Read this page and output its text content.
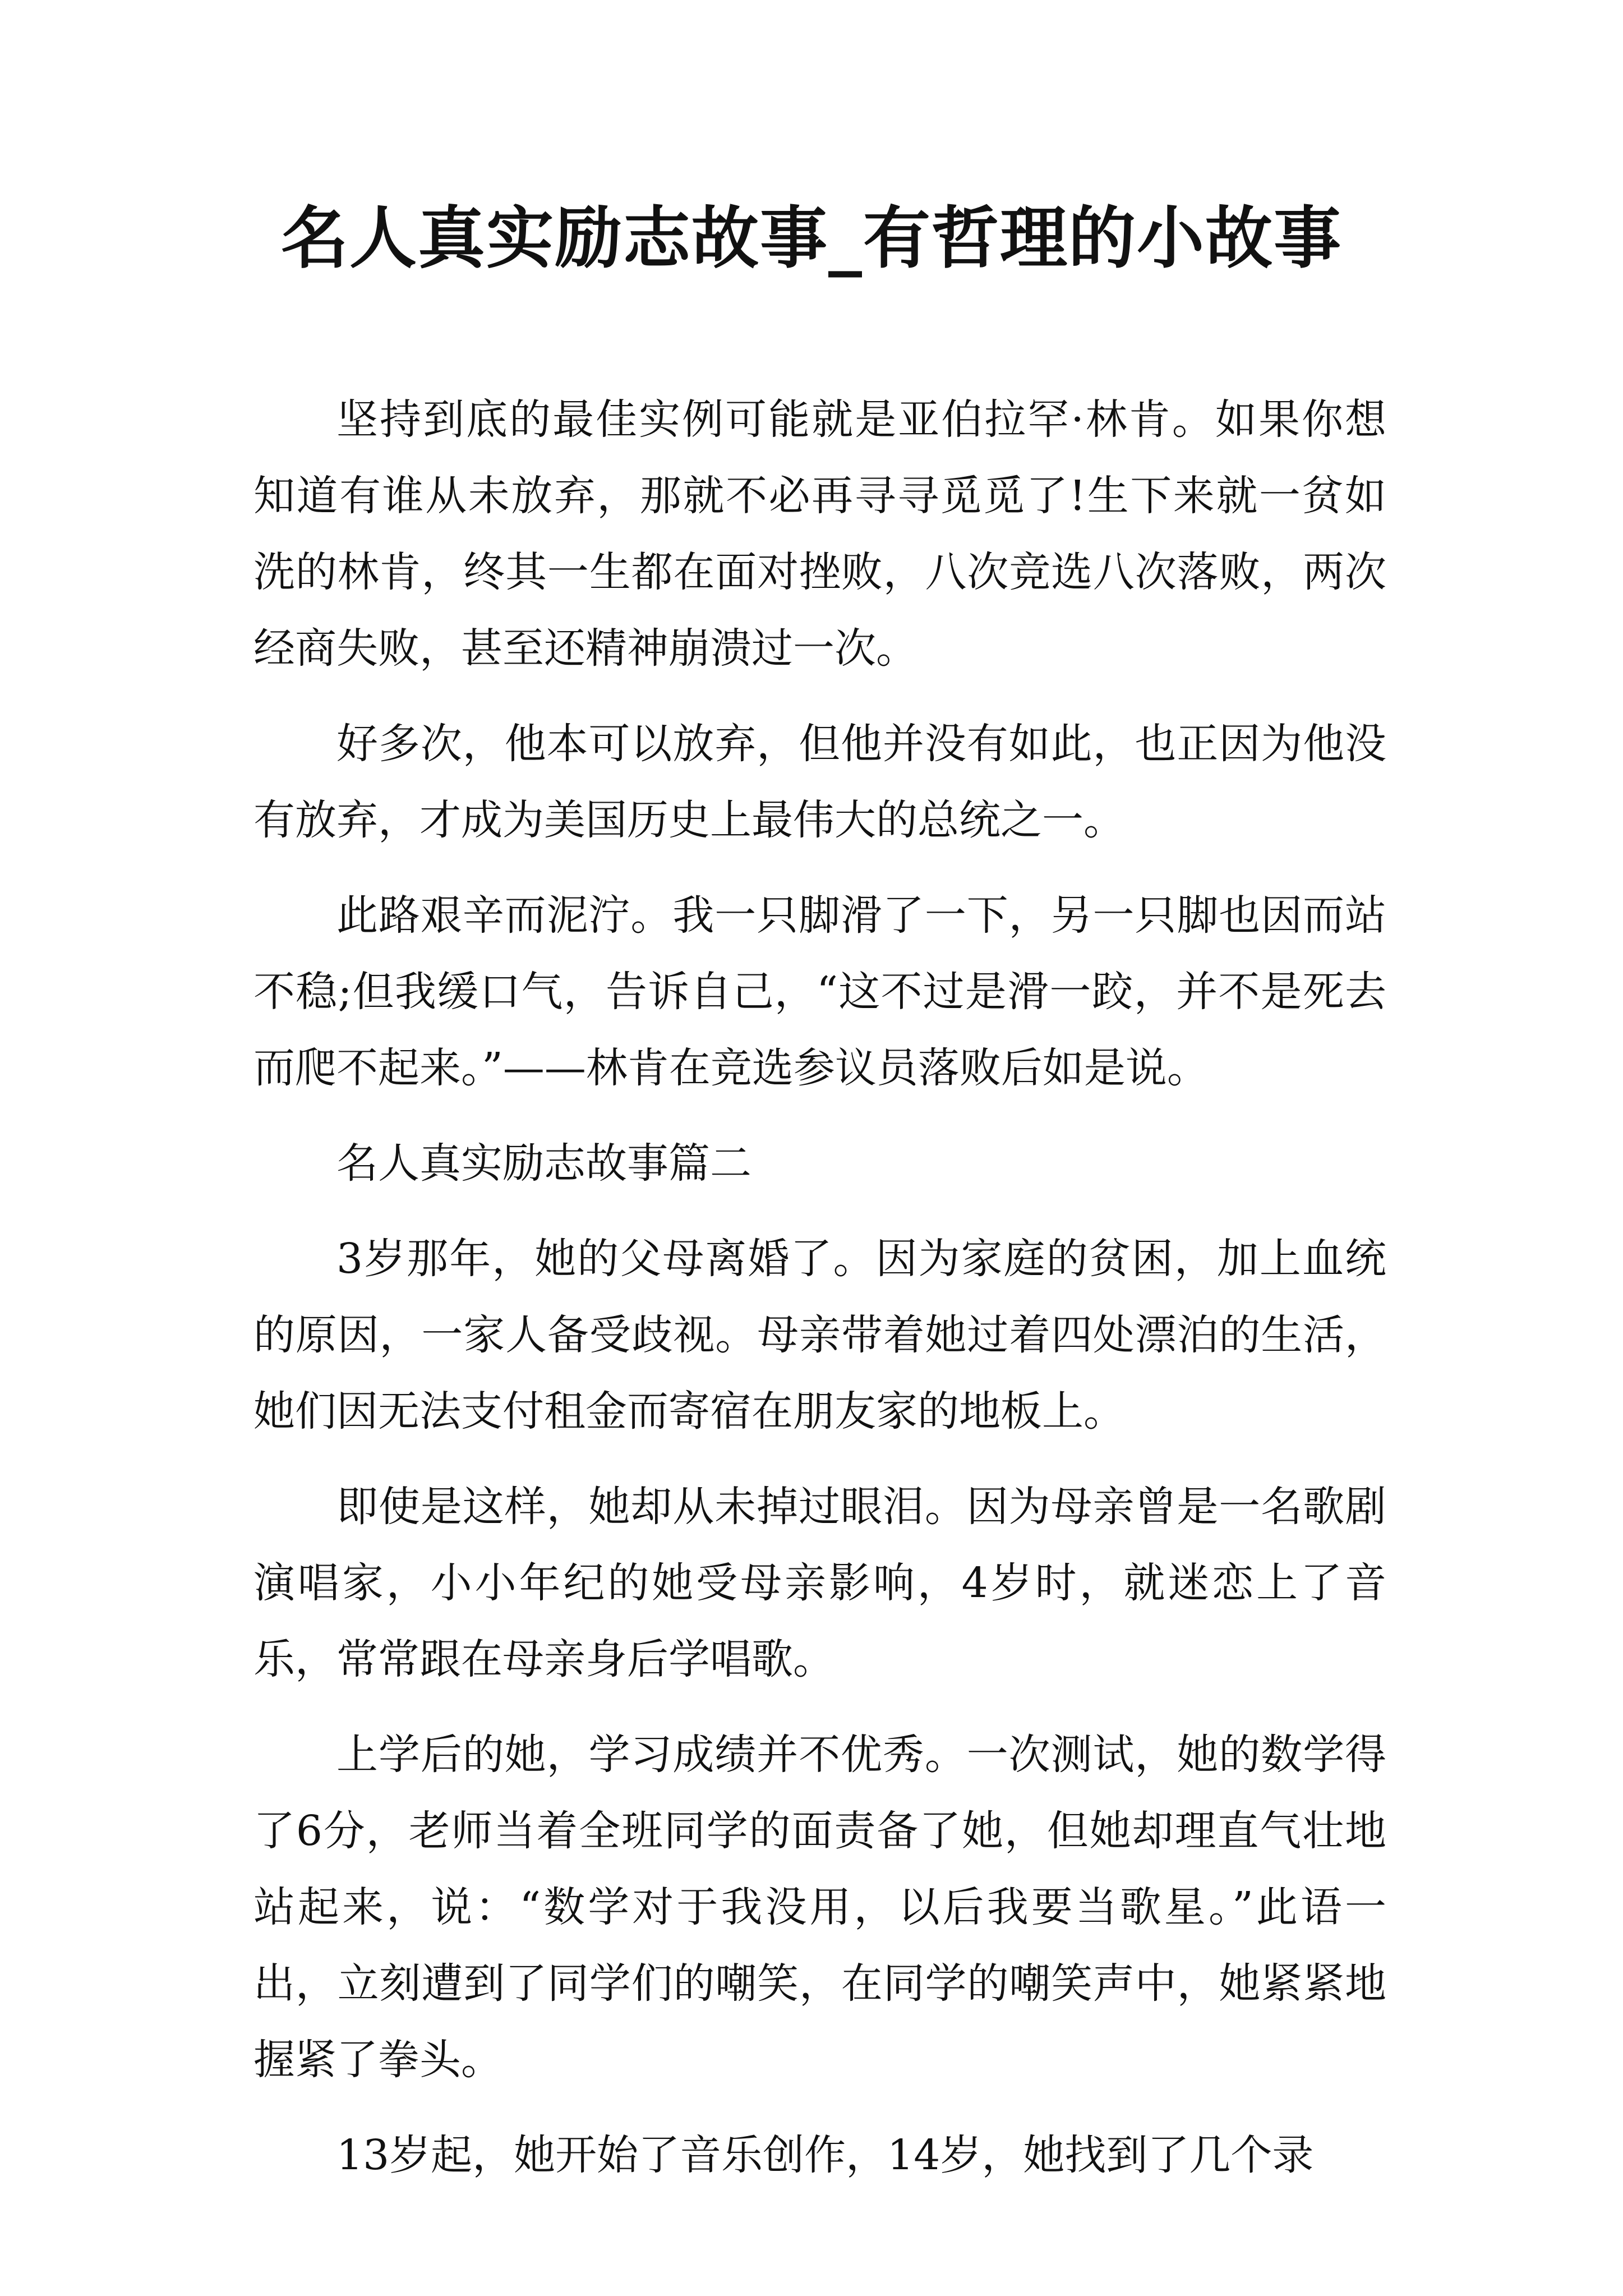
名人真实励志故事_有哲理的小故事

坚持到底的最佳实例可能就是亚伯拉罕·林肯。如果你想知道有谁从未放弃，那就不必再寻寻觅觅了!生下来就一贫如洗的林肯，终其一生都在面对挫败，八次竞选八次落败，两次经商失败，甚至还精神崩溃过一次。

好多次，他本可以放弃，但他并没有如此，也正因为他没有放弃，才成为美国历史上最伟大的总统之一。

此路艰辛而泥泞。我一只脚滑了一下，另一只脚也因而站不稳;但我缓口气，告诉自己，“这不过是滑一跤，并不是死去而爬不起来。”——林肯在竞选参议员落败后如是说。

名人真实励志故事篇二

3岁那年，她的父母离婚了。因为家庭的贫困，加上血统的原因，一家人备受歧视。母亲带着她过着四处漂泊的生活，她们因无法支付租金而寄宿在朋友家的地板上。

即使是这样，她却从未掉过眼泪。因为母亲曾是一名歌剧演唱家，小小年纪的她受母亲影响，4岁时，就迷恋上了音乐，常常跟在母亲身后学唱歌。

上学后的她，学习成绩并不优秀。一次测试，她的数学得了6分，老师当着全班同学的面责备了她，但她却理直气壮地站起来，说：“数学对于我没用，以后我要当歌星。”此语一出，立刻遭到了同学们的嘲笑，在同学的嘲笑声中，她紧紧地握紧了拳头。

13岁起，她开始了音乐创作，14岁，她找到了几个录
